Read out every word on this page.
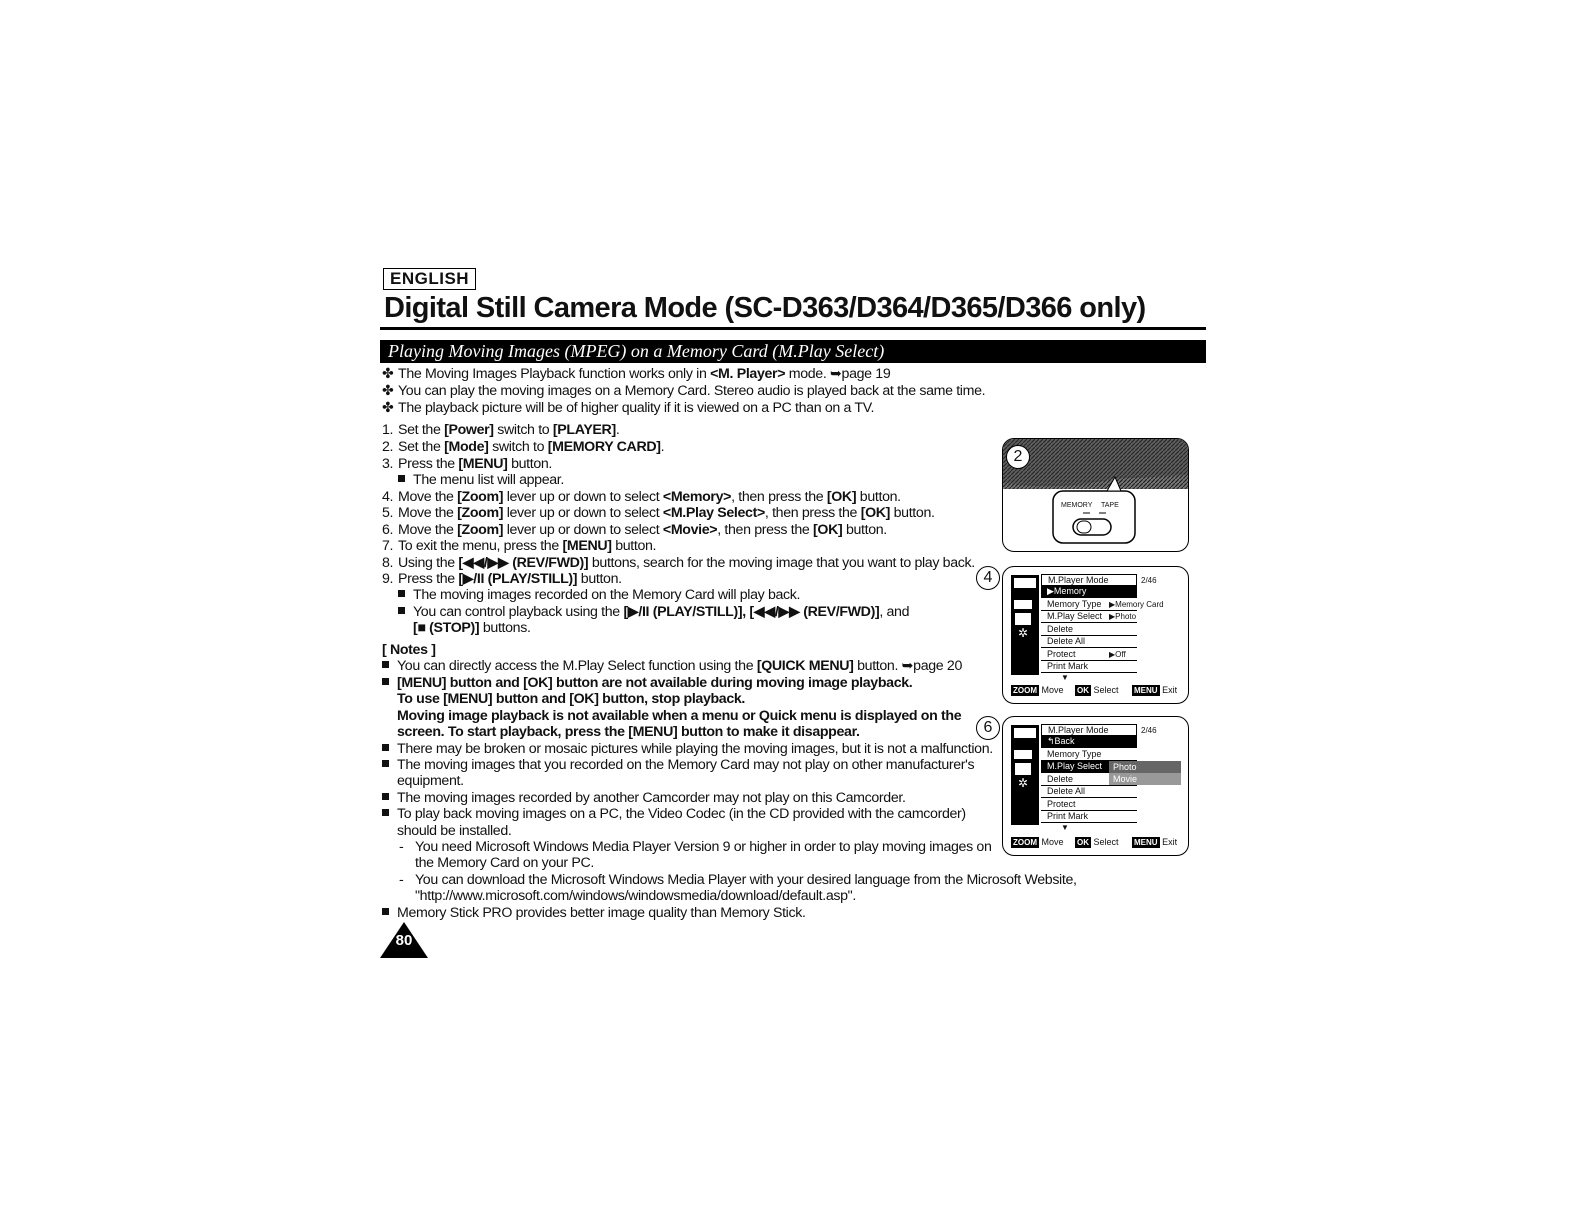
ENGLISH
Digital Still Camera Mode (SC-D363/D364/D365/D366 only)
Playing Moving Images (MPEG) on a Memory Card (M.Play Select)
✤ The Moving Images Playback function works only in <M. Player> mode. ➥page 19
✤ You can play the moving images on a Memory Card. Stereo audio is played back at the same time.
✤ The playback picture will be of higher quality if it is viewed on a PC than on a TV.
1. Set the [Power] switch to [PLAYER].
2. Set the [Mode] switch to [MEMORY CARD].
3. Press the [MENU] button.
The menu list will appear.
4. Move the [Zoom] lever up or down to select <Memory>, then press the [OK] button.
5. Move the [Zoom] lever up or down to select <M.Play Select>, then press the [OK] button.
6. Move the [Zoom] lever up or down to select <Movie>, then press the [OK] button.
7. To exit the menu, press the [MENU] button.
8. Using the [◀◀/▶▶ (REV/FWD)] buttons, search for the moving image that you want to play back.
9. Press the [▶/II (PLAY/STILL)] button.
The moving images recorded on the Memory Card will play back.
You can control playback using the [▶/II (PLAY/STILL)], [◀◀/▶▶ (REV/FWD)], and
[■ (STOP)] buttons.
[ Notes ]
You can directly access the M.Play Select function using the [QUICK MENU] button. ➥page 20
[MENU] button and [OK] button are not available during moving image playback.
To use [MENU] button and [OK] button, stop playback.
Moving image playback is not available when a menu or Quick menu is displayed on the
screen. To start playback, press the [MENU] button to make it disappear.
There may be broken or mosaic pictures while playing the moving images, but it is not a malfunction.
The moving images that you recorded on the Memory Card may not play on other manufacturer's
equipment.
The moving images recorded by another Camcorder may not play on this Camcorder.
To play back moving images on a PC, the Video Codec (in the CD provided with the camcorder)
should be installed.
- You need Microsoft Windows Media Player Version 9 or higher in order to play moving images on
the Memory Card on your PC.
- You can download the Microsoft Windows Media Player with your desired language from the Microsoft Website,
"http://www.microsoft.com/windows/windowsmedia/download/default.asp".
Memory Stick PRO provides better image quality than Memory Stick.
MEMORY TAPE
2
✲
M.Player Mode	2/46
▶Memory
Memory Type
M.Play Select
Delete
Delete All
Protect
Print Mark
▼
▶Memory Card
▶Photo
▶Off
ZOOM Move OK Select MENU Exit
4
✲
M.Player Mode	2/46
↰Back
Memory Type
M.Play Select
Delete
Delete All
Protect
Print Mark
▼
Photo
Movie
ZOOM Move OK Select MENU Exit
6
80
